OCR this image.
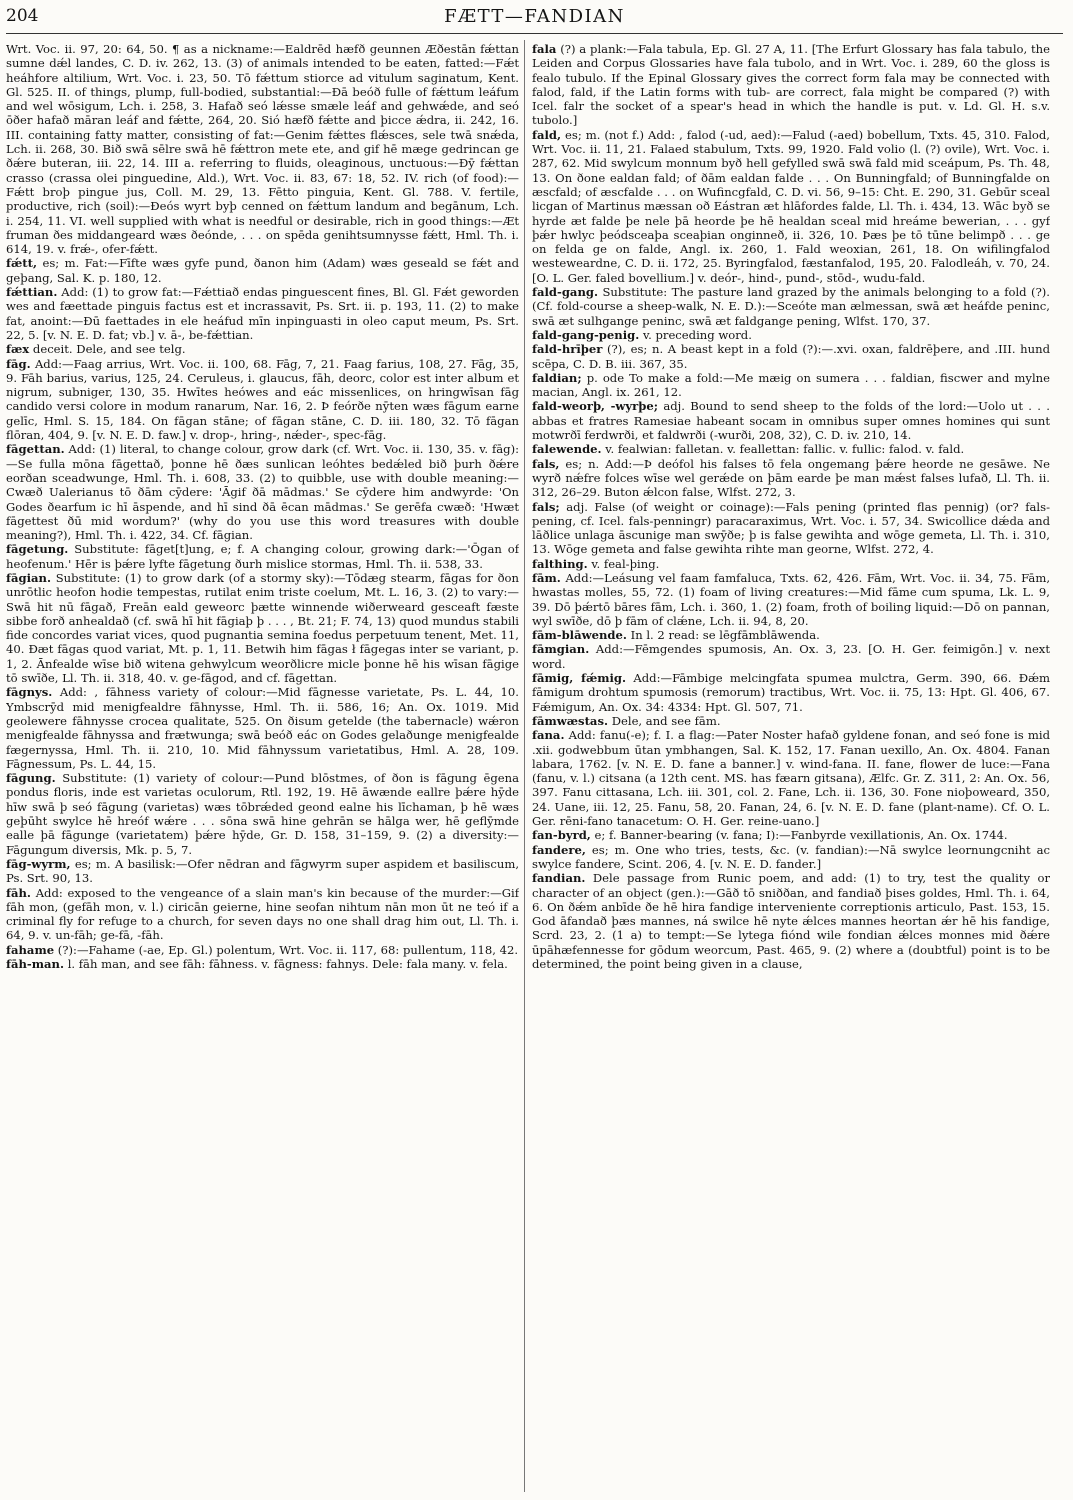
204	FÆTT—FANDIAN

Wrt. Voc. ii. 97, 20: 64, 50. ¶ as a nickname:—Ealdrēd hæfð geunnen Æðestān fǽttan sumne dǽl landes, C. D. iv. 262, 13. (3) of animals intended to be eaten, fatted:—Fǽt heáhfore altilium, Wrt. Voc. i. 23, 50. Tō fǽttum stiorce ad vitulum saginatum, Kent. Gl. 525. II. of things, plump, full-bodied, substantial:—Ðā beóð fulle of fǽttum leáfum and wel wōsigum, Lch. i. 258, 3. Hafað seó lǽsse smæle leáf and gehwǽde, and seó ōðer hafað māran leáf and fǽtte, 264, 20. Sió hæfð fǽtte and þicce ǽdra, ii. 242, 16. III. containing fatty matter, consisting of fat:—Genim fǽttes flǽsces, sele twā snǽda, Lch. ii. 268, 30. Bið swā sēlre swā hē fǽttron mete ete, and gif hē mæge gedrincan ge ðǽre buteran, iii. 22, 14. III a. referring to fluids, oleaginous, unctuous:—Ðȳ fǽttan crasso (crassa olei pinguedine, Ald.), Wrt. Voc. ii. 83, 67: 18, 52. IV. rich (of food):—Fǽtt broþ pingue jus, Coll. M. 29, 13. Fētto pinguia, Kent. Gl. 788. V. fertile, productive, rich (soil):—Ðeós wyrt byþ cenned on fǽttum landum and begānum, Lch. i. 254, 11. VI. well supplied with what is needful or desirable, rich in good things:—Æt fruman ðes middangeard wæs ðeónde, . . . on spēda genihtsumnysse fǽtt, Hml. Th. i. 614, 19. v. frǽ-, ofer-fǽtt.

fǽtt, es; m. Fat:—Fīfte wæs gyfe pund, ðanon him (Adam) wæs geseald se fǽt and geþang, Sal. K. p. 180, 12.

fǽttian. Add: (1) to grow fat:—Fǽttiað endas pinguescent fines, Bl. Gl. Fǽt geworden wes and fæettade pinguis factus est et incrassavit, Ps. Srt. ii. p. 193, 11. (2) to make fat, anoint:—Ðū faettades in ele heáfud mīn inpinguasti in oleo caput meum, Ps. Srt. 22, 5. [v. N. E. D. fat; vb.] v. ā-, be-fǽttian.

fæx deceit. Dele, and see telg.

fāg. Add:—Faag arrius, Wrt. Voc. ii. 100, 68. Fāg, 7, 21. Faag farius, 108, 27. Fāg, 35, 9. Fāh barius, varius, 125, 24. Ceruleus, i. glaucus, fāh, deorc, color est inter album et nigrum, subniger, 130, 35. Hwītes heówes and eác missenlices, on hringwīsan fāg candido versi colore in modum ranarum, Nar. 16, 2. Þ feórðe nȳten wæs fāgum earne gelīc, Hml. S. 15, 184. On fāgan stāne; of fāgan stāne, C. D. iii. 180, 32. Tō fāgan flōran, 404, 9. [v. N. E. D. faw.] v. drop-, hring-, nǽder-, spec-fāg.

fāgettan. Add: (1) literal, to change colour, grow dark (cf. Wrt. Voc. ii. 130, 35. v. fāg):—Se fulla mōna fāgettað, þonne hē ðæs sunlican leóhtes bedǽled bið þurh ðǽre eorðan sceadwunge, Hml. Th. i. 608, 33. (2) to quibble, use with double meaning:—Cwæð Ualerianus tō ðām cȳdere: 'Āgif ðā mādmas.' Se cȳdere him andwyrde: 'On Godes ðearfum ic hī āspende, and hī sind ðā ēcan mādmas.' Se gerēfa cwæð: 'Hwæt fāgettest ðū mid wordum?' (why do you use this word treasures with double meaning?), Hml. Th. i. 422, 34. Cf. fāgian.

fāgetung. Substitute: fāget[t]ung, e; f. A changing colour, growing dark:—'Ōgan of heofenum.' Hēr is þǽre lyfte fāgetung ðurh mislice stormas, Hml. Th. ii. 538, 33.

fāgian. Substitute: (1) to grow dark (of a stormy sky):—Tōdæg stearm, fāgas for ðon unrōtlic heofon hodie tempestas, rutilat enim triste coelum, Mt. L. 16, 3. (2) to vary:—Swā hit nū fāgað, Freān eald geweorc þætte winnende wiðerweard gesceaft fæste sibbe forð anhealdað (cf. swā hī hit fāgiaþ þ . . . , Bt. 21; F. 74, 13) quod mundus stabili fide concordes variat vices, quod pugnantia semina foedus perpetuum tenent, Met. 11, 40. Ðæt fāgas quod variat, Mt. p. 1, 11. Betwih him fāgas ł fāgegas inter se variant, p. 1, 2. Ānfealde wīse bið witena gehwylcum weorðlicre micle þonne hē his wīsan fāgige tō swīðe, Ll. Th. ii. 318, 40. v. ge-fāgod, and cf. fāgettan.

fāgnys. Add: , fāhness variety of colour:—Mid fāgnesse varietate, Ps. L. 44, 10. Ymbscrȳd mid menigfealdre fāhnysse, Hml. Th. ii. 586, 16; An. Ox. 1019. Mid geolewere fāhnysse crocea qualitate, 525. On ðisum getelde (the tabernacle) wǽron menigfealde fāhnyssa and frætwunga; swā beóð eác on Godes gelaðunge menigfealde fægernyssa, Hml. Th. ii. 210, 10. Mid fāhnyssum varietatibus, Hml. A. 28, 109. Fāgnessum, Ps. L. 44, 15.

fāgung. Substitute: (1) variety of colour:—Pund blōstmes, of ðon is fāgung ēgena pondus floris, inde est varietas oculorum, Rtl. 192, 19. Hē āwænde eallre þǽre hȳde hīw swā þ seó fāgung (varietas) wæs tōbrǽded geond ealne his līchaman, þ hē wæs geþūht swylce hē hreóf wǽre . . . sōna swā hine gehrān se hālga wer, hē geflȳmde ealle þā fāgunge (varietatem) þǽre hȳde, Gr. D. 158, 31–159, 9. (2) a diversity:—Fāgungum diversis, Mk. p. 5, 7.

fāg-wyrm, es; m. A basilisk:—Ofer nēdran and fāgwyrm super aspidem et basiliscum, Ps. Srt. 90, 13.

fāh. Add: exposed to the vengeance of a slain man's kin because of the murder:—Gif fāh mon, (gefāh mon, v. l.) ciricān geierne, hine seofan nihtum nān mon ūt ne teó if a criminal fly for refuge to a church, for seven days no one shall drag him out, Ll. Th. i. 64, 9. v. un-fāh; ge-fā, -fāh.

fahame (?):—Fahame (-ae, Ep. Gl.) polentum, Wrt. Voc. ii. 117, 68: pullentum, 118, 42.

fāh-man. l. fāh man, and see fāh: fāhness. v. fāgness: fahnys. Dele: fala many. v. fela.

fala (?) a plank:—Fala tabula, Ep. Gl. 27 A, 11. [The Erfurt Glossary has fala tabulo, the Leiden and Corpus Glossaries have fala tubolo, and in Wrt. Voc. i. 289, 60 the gloss is fealo tubulo. If the Epinal Glossary gives the correct form fala may be connected with falod, fald, if the Latin forms with tub- are correct, fala might be compared (?) with Icel. falr the socket of a spear's head in which the handle is put. v. Ld. Gl. H. s.v. tubolo.]

fald, es; m. (not f.) Add: , falod (-ud, aed):—Falud (-aed) bobellum, Txts. 45, 310. Falod, Wrt. Voc. ii. 11, 21. Falaed stabulum, Txts. 99, 1920. Fald volio (l. (?) ovile), Wrt. Voc. i. 287, 62. Mid swylcum monnum byð hell gefylled swā swā fald mid sceápum, Ps. Th. 48, 13. On ðone ealdan fald; of ðām ealdan falde . . . On Bunningfald; of Bunningfalde on æscfald; of æscfalde . . . on Wufincgfald, C. D. vi. 56, 9–15: Cht. E. 290, 31. Gebūr sceal licgan of Martinus mæssan oð Eástran æt hlāfordes falde, Ll. Th. i. 434, 13. Wāc byð se hyrde æt falde þe nele þā heorde þe hē healdan sceal mid hreáme bewerian, . . . gyf þǽr hwlyc þeódsceaþa sceaþian onginneð, ii. 326, 10. Þæs þe tō tūne belimpð . . . ge on felda ge on falde, Angl. ix. 260, 1. Fald weoxian, 261, 18. On wifilingfalod westeweardne, C. D. ii. 172, 25. Byringfalod, fæstanfalod, 195, 20. Falodleáh, v. 70, 24. [O. L. Ger. faled bovellium.] v. deór-, hind-, pund-, stōd-, wudu-fald.

fald-gang. Substitute: The pasture land grazed by the animals belonging to a fold (?). (Cf. fold-course a sheep-walk, N. E. D.):—Sceóte man ælmessan, swā æt heáfde peninc, swā æt sulhgange peninc, swā æt faldgange pening, Wlfst. 170, 37.

fald-gang-penig. v. preceding word.

fald-hrīþer (?), es; n. A beast kept in a fold (?):—.xvi. oxan, faldrēþere, and .III. hund scēpa, C. D. B. iii. 367, 35.

faldian; p. ode To make a fold:—Me mæig on sumera . . . faldian, fiscwer and mylne macian, Angl. ix. 261, 12.

fald-weorþ, -wyrþe; adj. Bound to send sheep to the folds of the lord:—Uolo ut . . . abbas et fratres Ramesiae habeant socam in omnibus super omnes homines qui sunt motwrðī ferdwrði, et faldwrði (-wurði, 208, 32), C. D. iv. 210, 14.

falewende. v. fealwian: falletan. v. feallettan: fallic. v. fullic: falod. v. fald.

fals, es; n. Add:—Þ deófol his falses tō fela ongemang þǽre heorde ne gesāwe. Ne wyrð nǽfre folces wīse wel gerǽde on þām earde þe man mǽst falses lufað, Ll. Th. ii. 312, 26–29. Buton ǽlcon false, Wlfst. 272, 3.

fals; adj. False (of weight or coinage):—Fals pening (printed flas pennig) (or? fals-pening, cf. Icel. fals-penningr) paracaraximus, Wrt. Voc. i. 57, 34. Swicollice dǽda and lāðlice unlaga āscunige man swȳðe; þ is false gewihta and wōge gemeta, Ll. Th. i. 310, 13. Wōge gemeta and false gewihta rihte man georne, Wlfst. 272, 4.

falthing. v. feal-þing.

fām. Add:—Leásung vel faam famfaluca, Txts. 62, 426. Fām, Wrt. Voc. ii. 34, 75. Fām, hwastas molles, 55, 72. (1) foam of living creatures:—Mid fāme cum spuma, Lk. L. 9, 39. Dō þǽrtō bāres fām, Lch. i. 360, 1. (2) foam, froth of boiling liquid:—Dō on pannan, wyl swīðe, dō þ fām of clǽne, Lch. ii. 94, 8, 20.

fām-blāwende. In l. 2 read: se lēgfāmblāwenda.

fāmgian. Add:—Fēmgendes spumosis, An. Ox. 3, 23. [O. H. Ger. feimigōn.] v. next word.

fāmig, fǽmig. Add:—Fāmbige melcingfata spumea mulctra, Germ. 390, 66. Ðǽm fāmigum drohtum spumosis (remorum) tractibus, Wrt. Voc. ii. 75, 13: Hpt. Gl. 406, 67. Fǽmigum, An. Ox. 34: 4334: Hpt. Gl. 507, 71.

fāmwæstas. Dele, and see fām.

fana. Add: fanu(-e); f. I. a flag:—Pater Noster hafað gyldene fonan, and seó fone is mid .xii. godwebbum ūtan ymbhangen, Sal. K. 152, 17. Fanan uexillo, An. Ox. 4804. Fanan labara, 1762. [v. N. E. D. fane a banner.] v. wind-fana. II. fane, flower de luce:—Fana (fanu, v. l.) citsana (a 12th cent. MS. has fæarn gitsana), Ælfc. Gr. Z. 311, 2: An. Ox. 56, 397. Fanu cittasana, Lch. iii. 301, col. 2. Fane, Lch. ii. 136, 30. Fone nioþoweard, 350, 24. Uane, iii. 12, 25. Fanu, 58, 20. Fanan, 24, 6. [v. N. E. D. fane (plant-name). Cf. O. L. Ger. rēni-fano tanacetum: O. H. Ger. reine-uano.]

fan-byrd, e; f. Banner-bearing (v. fana; I):—Fanbyrde vexillationis, An. Ox. 1744.

fandere, es; m. One who tries, tests, &c. (v. fandian):—Nā swylce leornungcniht ac swylce fandere, Scint. 206, 4. [v. N. E. D. fander.]

fandian. Dele passage from Runic poem, and add: (1) to try, test the quality or character of an object (gen.):—Gāð tō sniððan, and fandiað þises goldes, Hml. Th. i. 64, 6. On ðǽm anbīde ðe hē hira fandige interveniente correptionis articulo, Past. 153, 15. God āfandað þæs mannes, ná swilce hē nyte ǽlces mannes heortan ǽr hē his fandige, Scrd. 23, 2. (1 a) to tempt:—Se lytega fiónd wile fondian ǽlces monnes mid ðǽre ūpāhæfennesse for gōdum weorcum, Past. 465, 9. (2) where a (doubtful) point is to be determined, the point being given in a clause,
